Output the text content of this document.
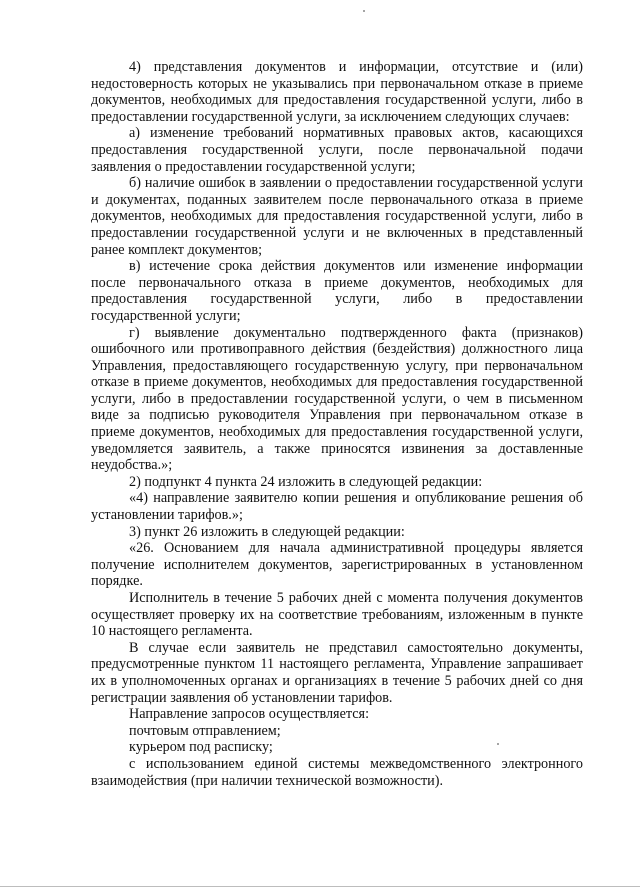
4) представления документов и информации, отсутствие и (или) недостоверность которых не указывались при первоначальном отказе в приеме документов, необходимых для предоставления государственной услуги, либо в предоставлении государственной услуги, за исключением следующих случаев:

а) изменение требований нормативных правовых актов, касающихся предоставления государственной услуги, после первоначальной подачи заявления о предоставлении государственной услуги;

б) наличие ошибок в заявлении о предоставлении государственной услуги и документах, поданных заявителем после первоначального отказа в приеме документов, необходимых для предоставления государственной услуги, либо в предоставлении государственной услуги и не включенных в представленный ранее комплект документов;

в) истечение срока действия документов или изменение информации после первоначального отказа в приеме документов, необходимых для предоставления государственной услуги, либо в предоставлении государственной услуги;

г) выявление документально подтвержденного факта (признаков) ошибочного или противоправного действия (бездействия) должностного лица Управления, предоставляющего государственную услугу, при первоначальном отказе в приеме документов, необходимых для предоставления государственной услуги, либо в предоставлении государственной услуги, о чем в письменном виде за подписью руководителя Управления при первоначальном отказе в приеме документов, необходимых для предоставления государственной услуги, уведомляется заявитель, а также приносятся извинения за доставленные неудобства.»;

2) подпункт 4 пункта 24 изложить в следующей редакции:

«4) направление заявителю копии решения и опубликование решения об установлении тарифов.»;

3) пункт 26 изложить в следующей редакции:

«26. Основанием для начала административной процедуры является получение исполнителем документов, зарегистрированных в установленном порядке.

Исполнитель в течение 5 рабочих дней с момента получения документов осуществляет проверку их на соответствие требованиям, изложенным в пункте 10 настоящего регламента.

В случае если заявитель не представил самостоятельно документы, предусмотренные пунктом 11 настоящего регламента, Управление запрашивает их в уполномоченных органах и организациях в течение 5 рабочих дней со дня регистрации заявления об установлении тарифов.

Направление запросов осуществляется:

почтовым отправлением;

курьером под расписку;

с использованием единой системы межведомственного электронного взаимодействия (при наличии технической возможности).
